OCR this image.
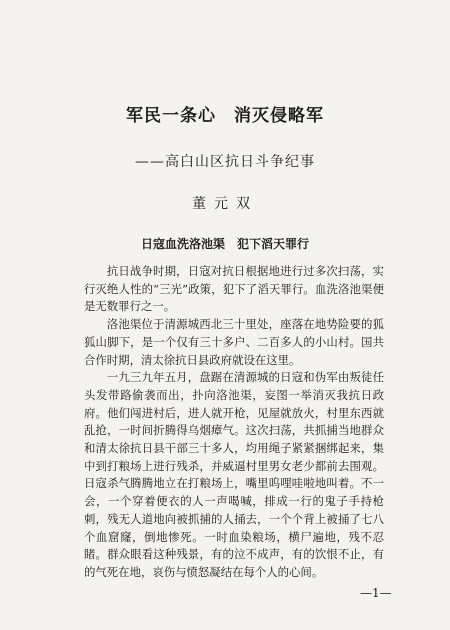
军民一条心　消灭侵略军
——高白山区抗日斗争纪事
董元双
日寇血洗洛池渠　犯下滔天罪行

抗日战争时期，日寇对抗日根据地进行过多次扫荡，实行灭绝人性的“三光”政策，犯下了滔天罪行。血洗洛池渠便是无数罪行之一。

洛池渠位于清源城西北三十里处，座落在地势险要的狐狐山脚下，是一个仅有三十多户、二百多人的小山村。国共合作时期，清太徐抗日县政府就设在这里。

一九三九年五月，盘踞在清源城的日寇和伪军由叛徒任头发带路偷袭而出，扑向洛池渠，妄图一举消灭我抗日政府。他们闯进村后，进人就开枪，见屋就放火，村里东西就乱抢，一时间折腾得乌烟瘴气。这次扫荡，共抓捕当地群众和清太徐抗日县干部三十多人，均用绳子紧紧捆绑起来，集中到打粮场上进行残杀，并威逼村里男女老少都前去围观。日寇杀气腾腾地立在打粮场上，嘴里呜哩哇啦地叫着。不一会，一个穿着便衣的人一声喝喊，排成一行的鬼子手持枪刺，残无人道地向被抓捕的人捅去，一个个背上被捅了七八个血窟窿，倒地惨死。一时血染粮场，横尸遍地，残不忍睹。群众眼看这种残景，有的泣不成声，有的饮恨不止，有的气死在地，哀伤与愤怒凝结在每个人的心间。

—1—
